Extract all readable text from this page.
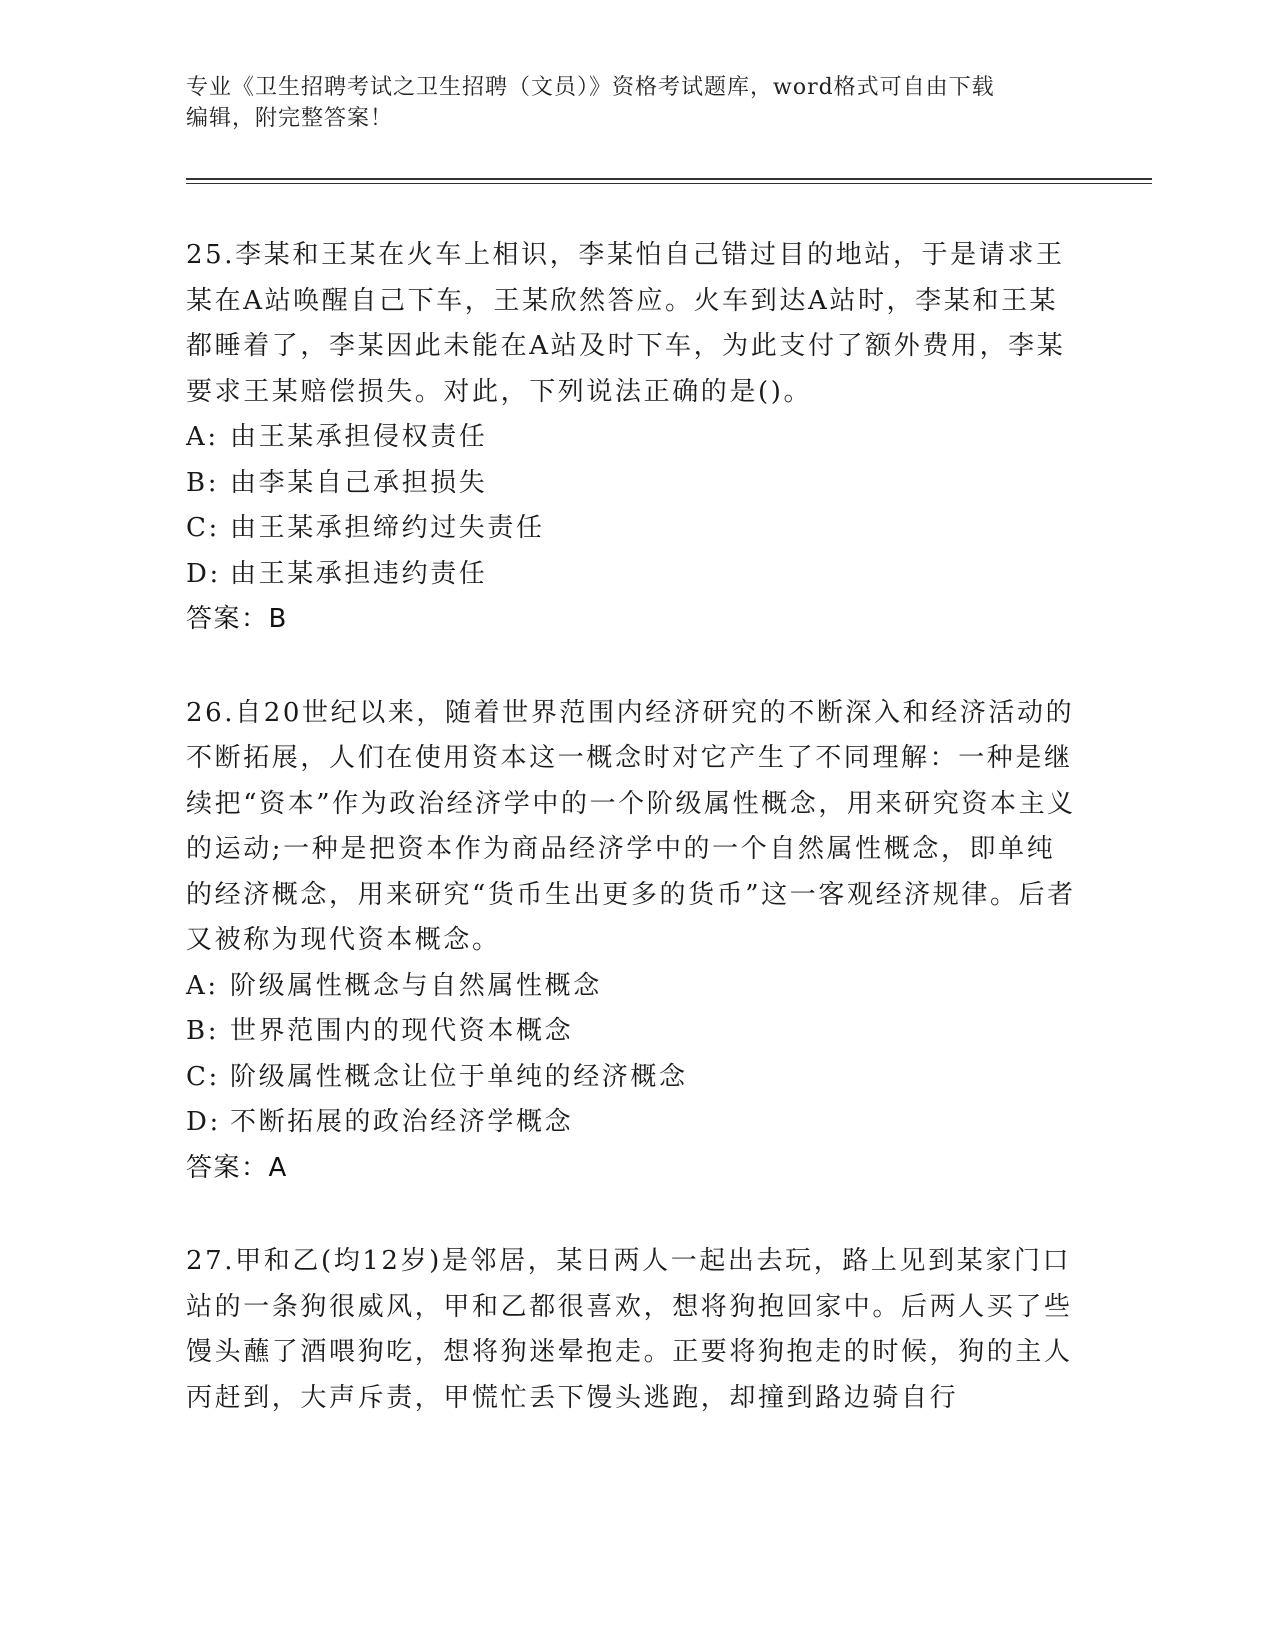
专业《卫生招聘考试之卫生招聘（文员）》资格考试题库，word格式可自由下载
编辑，附完整答案！

25.李某和王某在火车上相识，李某怕自己错过目的地站，于是请求王某在A站唤醒自己下车，王某欣然答应。火车到达A站时，李某和王某都睡着了，李某因此未能在A站及时下车，为此支付了额外费用，李某要求王某赔偿损失。对此，下列说法正确的是()。

A: 由王某承担侵权责任

B: 由李某自己承担损失

C: 由王某承担缔约过失责任

D: 由王某承担违约责任

答案：B

26.自20世纪以来，随着世界范围内经济研究的不断深入和经济活动的不断拓展，人们在使用资本这一概念时对它产生了不同理解：一种是继续把“资本”作为政治经济学中的一个阶级属性概念，用来研究资本主义的运动;一种是把资本作为商品经济学中的一个自然属性概念，即单纯的经济概念，用来研究“货币生出更多的货币”这一客观经济规律。后者又被称为现代资本概念。

A: 阶级属性概念与自然属性概念

B: 世界范围内的现代资本概念

C: 阶级属性概念让位于单纯的经济概念

D: 不断拓展的政治经济学概念

答案：A

27.甲和乙(均12岁)是邻居，某日两人一起出去玩，路上见到某家门口站的一条狗很威风，甲和乙都很喜欢，想将狗抱回家中。后两人买了些馒头蘸了酒喂狗吃，想将狗迷晕抱走。正要将狗抱走的时候，狗的主人丙赶到，大声斥责，甲慌忙丢下馒头逃跑，却撞到路边骑自行
